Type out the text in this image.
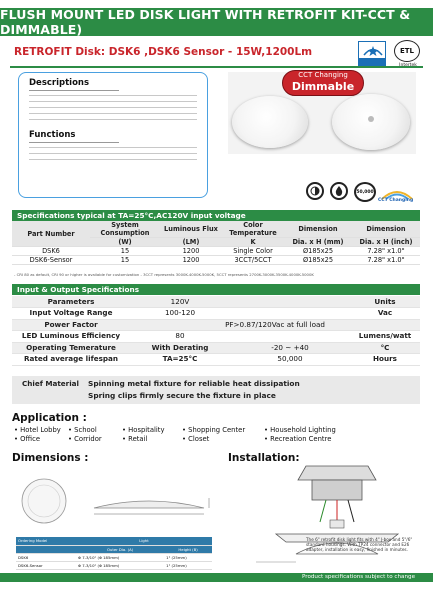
FLUSH MOUNT LED DISK LIGHT WITH RETROFIT KIT-CCT & DIMMABLE)
RETROFIT Disk: DSK6 ,DSK6 Sensor - 15W,1200Lm	ETL
Descriptions
Functions
CCT Changing
Dimmable
50,000
CCT Changing
Specifications typical at TA=25°C,AC120V input voltage
Part Number	System Consumption	Luminous Flux	Color Temperature	Dimension	Dimension
	(W)	(LM)	K	Dia. x H (mm)	Dia. x H (inch)
DSK6	15	1200	Single Color	Ø185x25	7.28" x1.0"
DSK6-Sensor	15	1200	3CCT/5CCT	Ø185x25	7.28" x1.0"
- CRI 80 as default, CRI 90 or higher is available for customization - 3CCT represents 3000K-4000K-5000K, 5CCT represents 2700K-3000K-3500K-4000K-5000K
Input & Output Specifications
Parameters	120V		Units
Input Voltage Range	100-120		Vac
Power Factor	PF>0.87/120Vac at full load		
LED Luminous Efficiency	80		Lumens/watt
Operating Temerature	With Derating	-20 ~ +40	°C
Rated average lifespan	TA=25°C	50,000	Hours
Chief Material Spinning metal fixture for reliable heat dissipation
Spring clips firmly secure the fixture in place
Application :
• Hotel Lobby • School	• Hospitality	• Shopping Center	• Household Lighting
• Office	• Corridor	• Retail	• Closet	• Recreation Centre
Dimensions :
Ordering Model	Light	
	Outer Dia. (A)	Height (B)
DSK6	Φ 7-3/10" (Φ 185mm)	1" (25mm)
DSK6-Sensor	Φ 7-3/10" (Φ 185mm)	1" (25mm)
Installation:
The 6" retrofit disk light fits with 4" J-box and 5"/6" standard housings. With TP24 connector and E26 adapter, installation is easy, finished in minutes.
Product specifications subject to change without notice
